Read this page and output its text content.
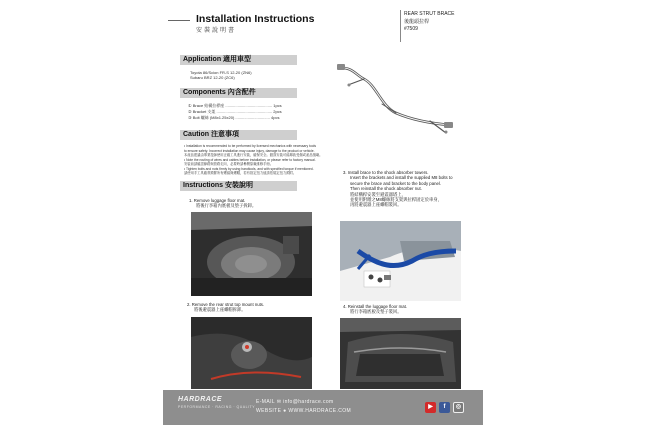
Installation Instructions
安裝說明書
REAR STRUT BRACE
後龍頭拉桿
#7509
Application 適用車型
Toyota 86/Scion FR-S 12-20 (ZN6)
Subaru BRZ 12-20 (ZC6)
Components 內含配件
① Brace 結構拉桿座 .......................................... 1pcs
② Bracket 支架 .................................................. 2pcs
③ Bolt 螺絲 (M8x1.25x20) ............................... 4pcs
Caution 注意事項
• Installation is recommended to be performed by licensed mechanics with necessary tools
to ensure safety. Incorrect installation may cause injury, damage to the product or vehicle.
本產品建議由專業技師使用正確工具進行安裝，確保安全。錯誤安裝可能導致受傷或產品損壞。
• Note the routing of wires and cables before installation, or please refer to factory manual.
安裝前請確認線路與管路走向，必要時請參閱原廠維修手冊。
• Tighten bolts and nuts firmly by using handtools, and with specified torque if mentioned.
請使用手工具確實鎖緊所有螺絲與螺帽，若有指定扭力值請依規定扭力鎖附。
Instructions 安裝說明
1. Remove luggage floor mat.
將後行李箱內底板及墊子拆卸。
2. Remove the rear strut top mount nuts.
將後避震器上座螺帽拆卸。
3. Install brace to the shock absorber towers.
Insert the brackets and install the supplied M8 bolts to
secure the brace and bracket to the body panel.
Then reinstall the shock absorber nut.
將結構桿安裝至避震器塔上，
並使用附贈之M8螺絲將支架與拉桿固定於車身，
再將避震器上座螺帽裝回。
4. Reinstall the luggage floor mat.
將行李箱底板及墊子裝回。
HARDRACE
PERFORMANCE · RACING · QUALITY
E-MAIL ✉ info@hardrace.com
WEBSITE ● WWW.HARDRACE.COM
▶	f	◎
